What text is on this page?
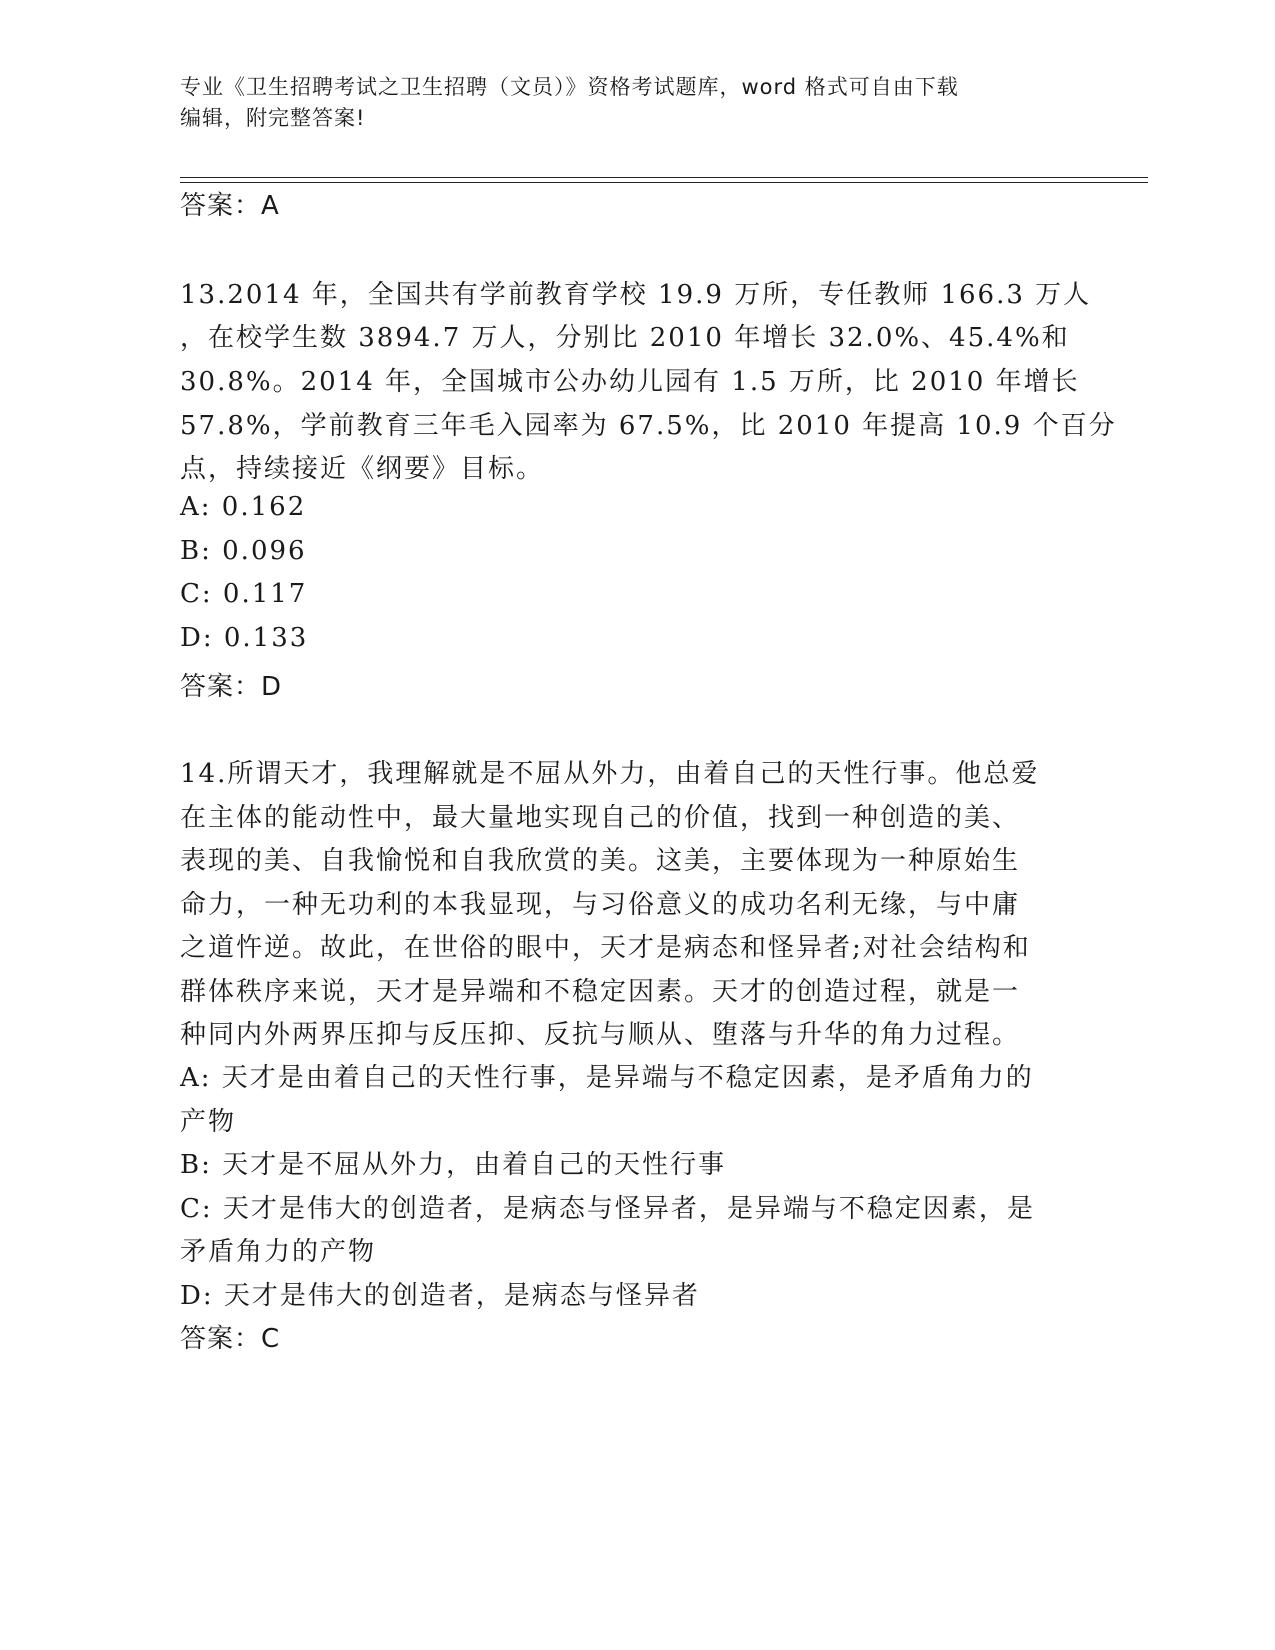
专业《卫生招聘考试之卫生招聘（文员）》资格考试题库，word 格式可自由下载
编辑，附完整答案!
答案：A
13.2014 年，全国共有学前教育学校 19.9 万所，专任教师 166.3 万人
，在校学生数 3894.7 万人，分别比 2010 年增长 32.0%、45.4%和
30.8%。2014 年，全国城市公办幼儿园有 1.5 万所，比 2010 年增长
57.8%，学前教育三年毛入园率为 67.5%，比 2010 年提高 10.9 个百分
点，持续接近《纲要》目标。
A: 0.162
B: 0.096
C: 0.117
D: 0.133
答案：D
14.所谓天才，我理解就是不屈从外力，由着自己的天性行事。他总爱
在主体的能动性中，最大量地实现自己的价值，找到一种创造的美、
表现的美、自我愉悦和自我欣赏的美。这美，主要体现为一种原始生
命力，一种无功利的本我显现，与习俗意义的成功名利无缘，与中庸
之道忤逆。故此，在世俗的眼中，天才是病态和怪异者;对社会结构和
群体秩序来说，天才是异端和不稳定因素。天才的创造过程，就是一
种同内外两界压抑与反压抑、反抗与顺从、堕落与升华的角力过程。
A: 天才是由着自己的天性行事，是异端与不稳定因素，是矛盾角力的
产物
B: 天才是不屈从外力，由着自己的天性行事
C: 天才是伟大的创造者，是病态与怪异者，是异端与不稳定因素，是
矛盾角力的产物
D: 天才是伟大的创造者，是病态与怪异者
答案：C
